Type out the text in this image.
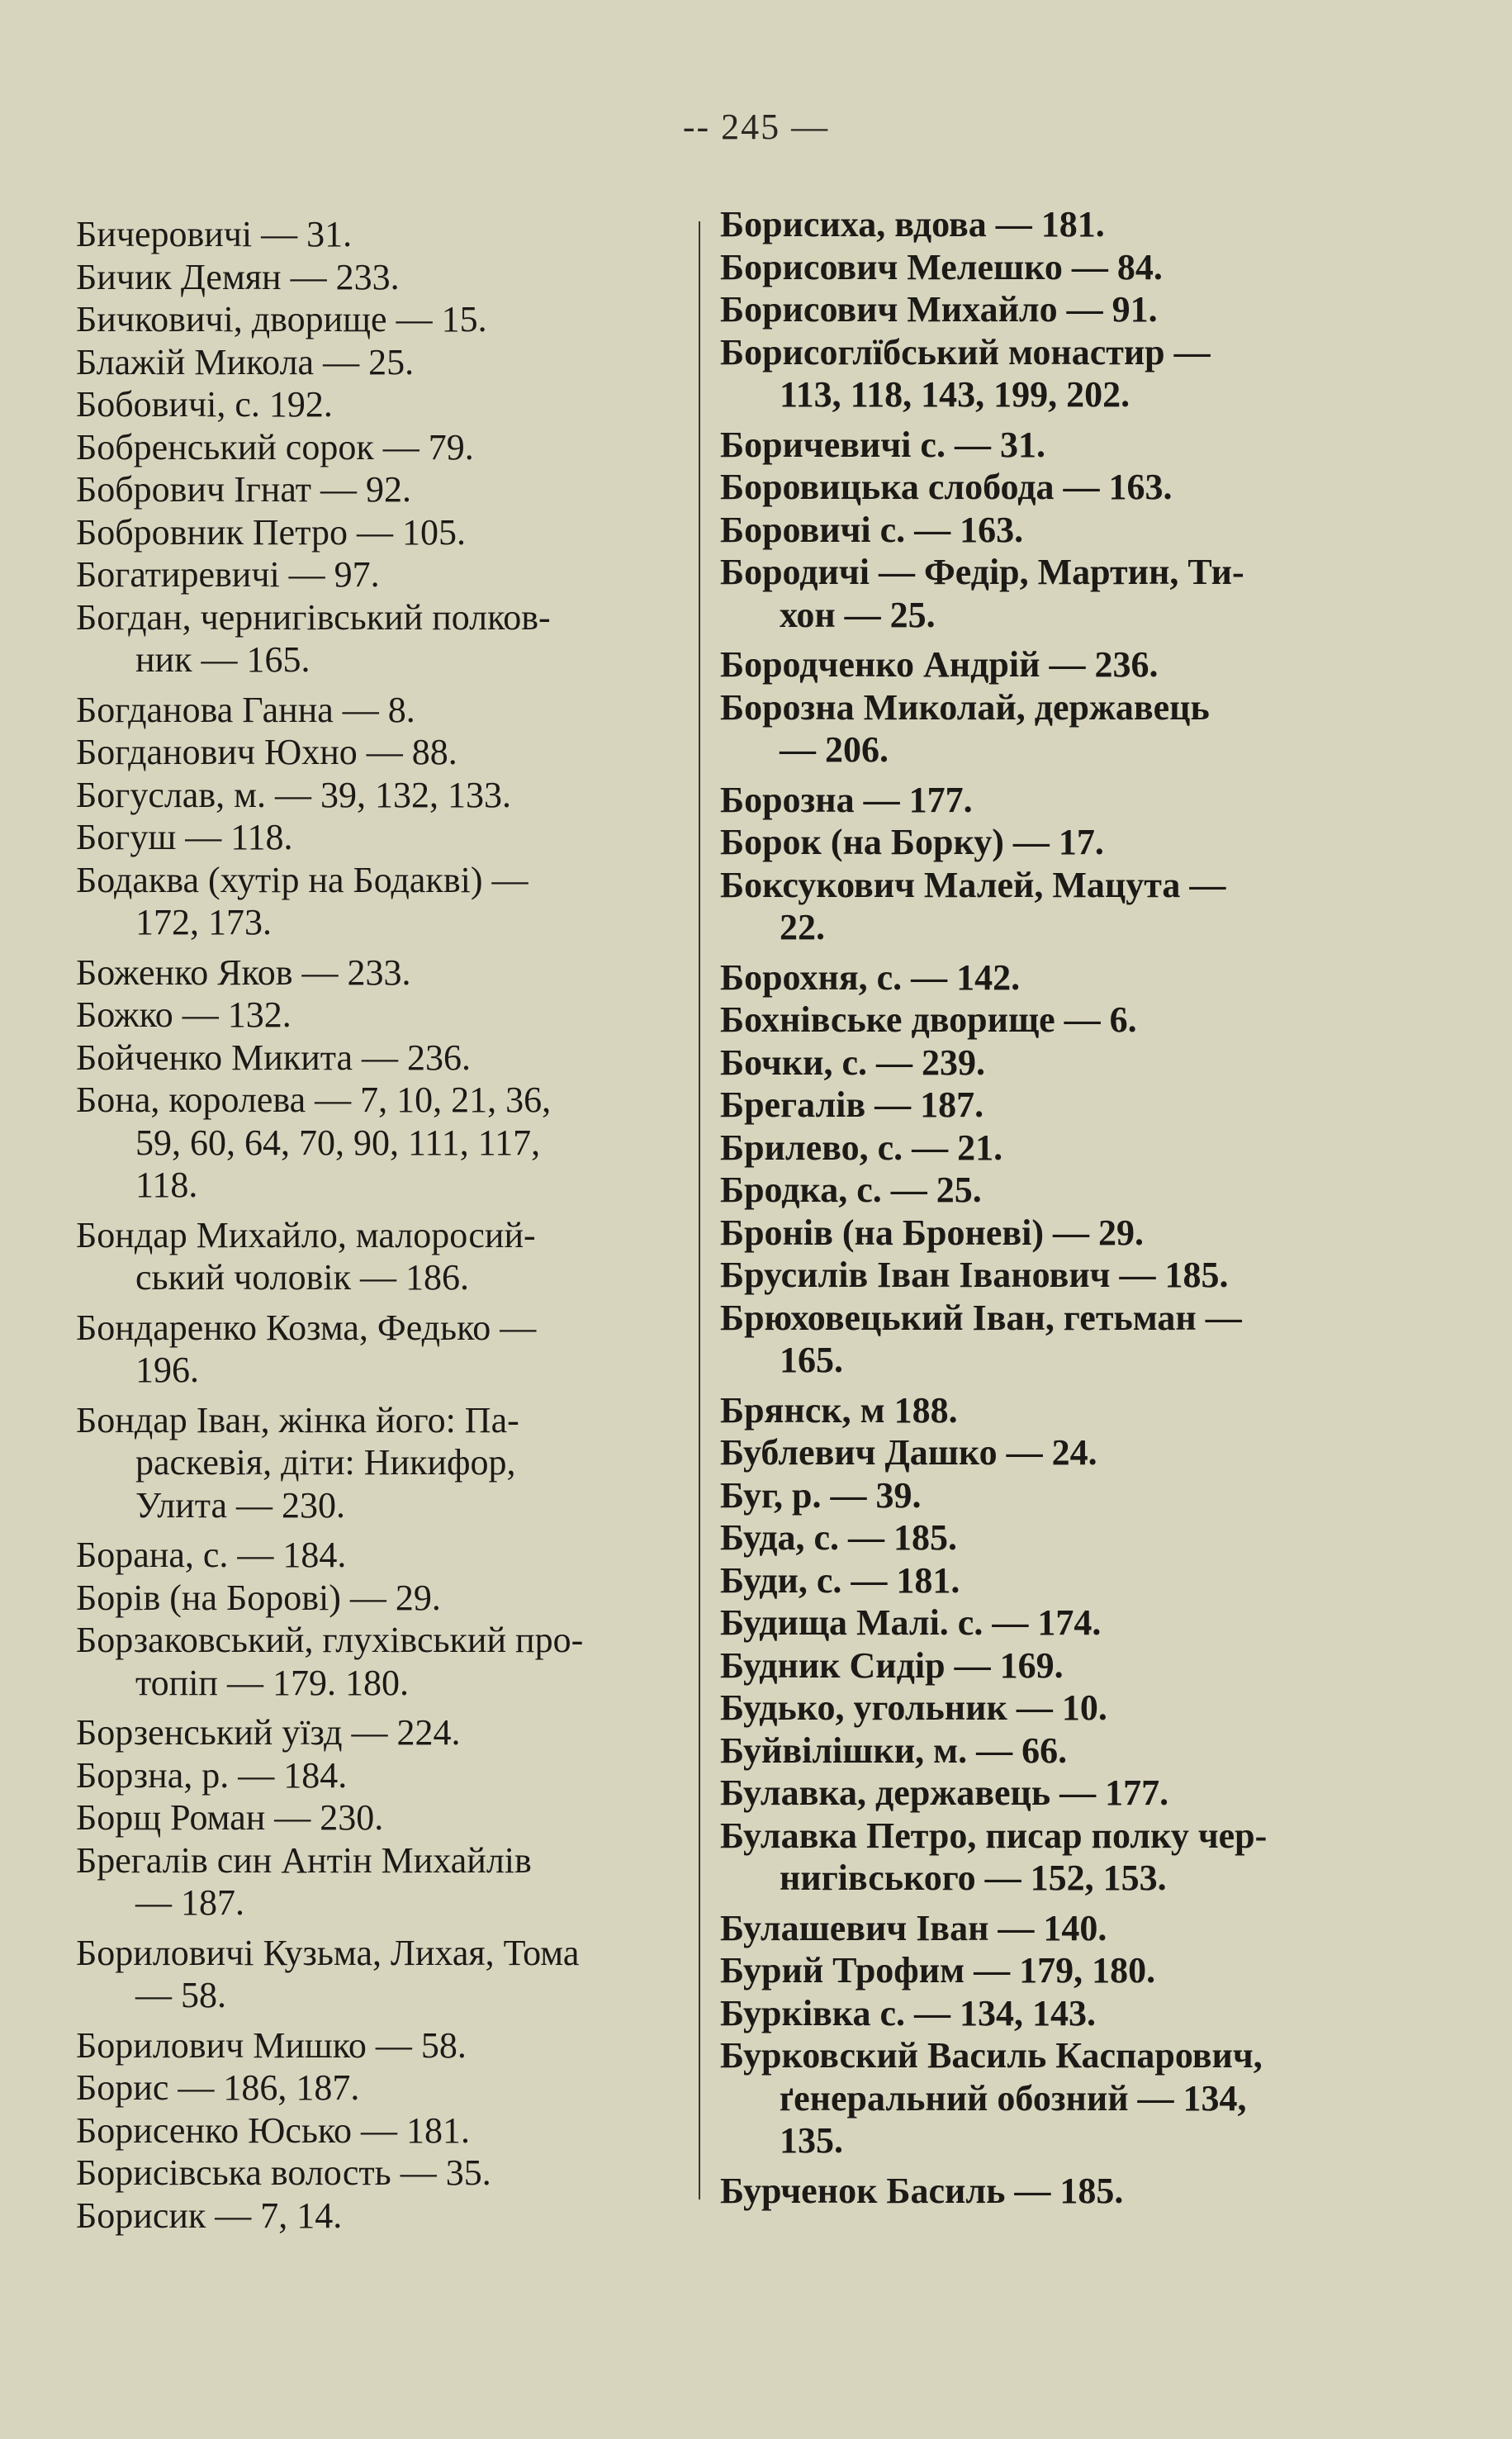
-- 245 —
Бичеровичі — 31.
Бичик Демян — 233.
Бичковичі, дворище — 15.
Блажій Микола — 25.
Бобовичі, с. 192.
Бобренський сорок — 79.
Бобрович Ігнат — 92.
Бобровник Петро — 105.
Богатиревичі — 97.
Богдан, чернигівський полков-
ник — 165.
Богданова Ганна — 8.
Богданович Юхно — 88.
Богуслав, м. — 39, 132, 133.
Богуш — 118.
Бодаква (хутір на Бодакві) —
172, 173.
Боженко Яков — 233.
Божко — 132.
Бойченко Микита — 236.
Бона, королева — 7, 10, 21, 36,
59, 60, 64, 70, 90, 111, 117,
118.
Бондар Михайло, малоросий-
ський чоловік — 186.
Бондаренко Козма, Федько —
196.
Бондар Іван, жінка його: Па-
раскевія, діти: Никифор,
Улита — 230.
Борана, с. — 184.
Борів (на Борові) — 29.
Борзаковський, глухівський про-
топіп — 179. 180.
Борзенський уїзд — 224.
Борзна, р. — 184.
Борщ Роман — 230.
Брегалів син Антін Михайлів
— 187.
Бориловичі Кузьма, Лихая, Тома
— 58.
Борилович Мишко — 58.
Борис — 186, 187.
Борисенко Юсько — 181.
Борисівська волость — 35.
Борисик — 7, 14.
Борисиха, вдова — 181.
Борисович Мелешко — 84.
Борисович Михайло — 91.
Борисоглїбський монастир —
113, 118, 143, 199, 202.
Боричевичі с. — 31.
Боровицька слобода — 163.
Боровичі с. — 163.
Бородичі — Федір, Мартин, Ти-
хон — 25.
Бородченко Андрій — 236.
Борозна Миколай, державець
— 206.
Борозна — 177.
Борок (на Борку) — 17.
Боксукович Малей, Мацута —
22.
Борохня, с. — 142.
Бохнівське дворище — 6.
Бочки, с. — 239.
Брегалів — 187.
Брилево, с. — 21.
Бродка, с. — 25.
Бронів (на Броневі) — 29.
Брусилів Іван Іванович — 185.
Брюховецький Іван, гетьман —
165.
Брянск, м 188.
Бублевич Дашко — 24.
Буг, р. — 39.
Буда, с. — 185.
Буди, с. — 181.
Будища Малі. с. — 174.
Будник Сидір — 169.
Будько, угольник — 10.
Буйвілішки, м. — 66.
Булавка, державець — 177.
Булавка Петро, писар полку чер-
нигівського — 152, 153.
Булашевич Іван — 140.
Бурий Трофим — 179, 180.
Бурківка с. — 134, 143.
Бурковский Василь Каспарович,
ґенеральний обозний — 134,
135.
Бурченок Басиль — 185.
